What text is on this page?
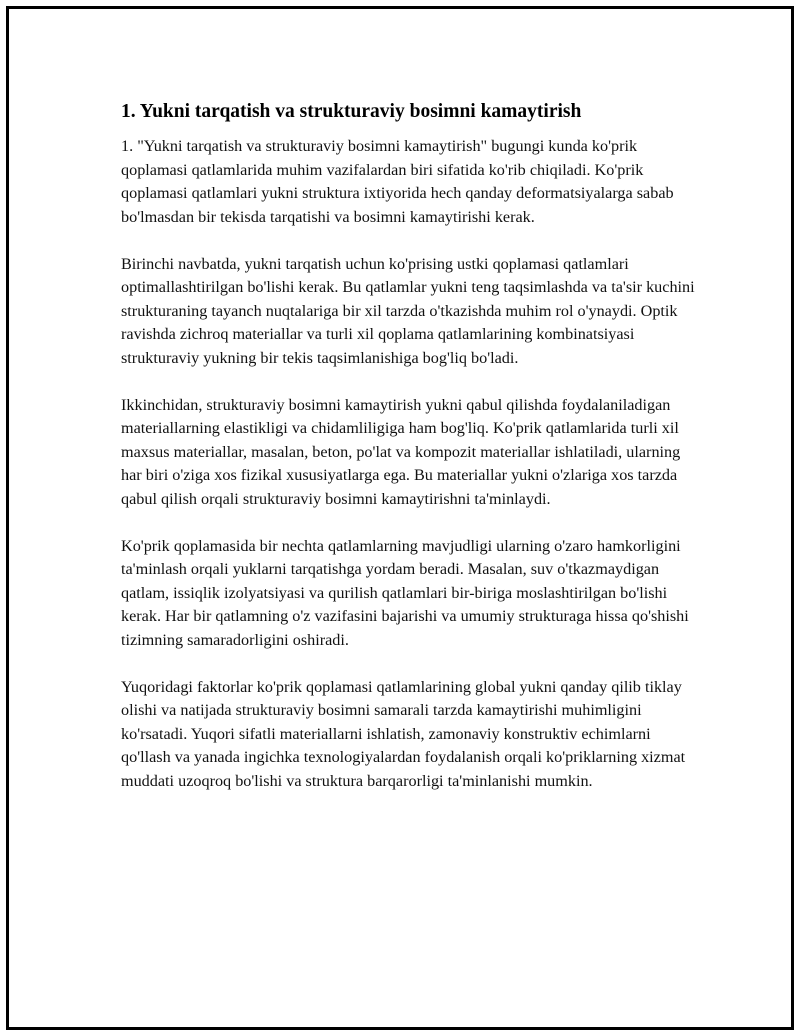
1. Yukni tarqatish va strukturaviy bosimni kamaytirish

1. "Yukni tarqatish va strukturaviy bosimni kamaytirish" bugungi kunda ko'prik qoplamasi qatlamlarida muhim vazifalardan biri sifatida ko'rib chiqiladi. Ko'prik qoplamasi qatlamlari yukni struktura ixtiyorida hech qanday deformatsiyalarga sabab bo'lmasdan bir tekisda tarqatishi va bosimni kamaytirishi kerak.

Birinchi navbatda, yukni tarqatish uchun ko'prising ustki qoplamasi qatlamlari optimallashtirilgan bo'lishi kerak. Bu qatlamlar yukni teng taqsimlashda va ta'sir kuchini strukturaning tayanch nuqtalariga bir xil tarzda o'tkazishda muhim rol o'ynaydi. Optik ravishda zichroq materiallar va turli xil qoplama qatlamlarining kombinatsiyasi strukturaviy yukning bir tekis taqsimlanishiga bog'liq bo'ladi.

Ikkinchidan, strukturaviy bosimni kamaytirish yukni qabul qilishda foydalaniladigan materiallarning elastikligi va chidamliligiga ham bog'liq. Ko'prik qatlamlarida turli xil maxsus materiallar, masalan, beton, po'lat va kompozit materiallar ishlatiladi, ularning har biri o'ziga xos fizikal xususiyatlarga ega. Bu materiallar yukni o'zlariga xos tarzda qabul qilish orqali strukturaviy bosimni kamaytirishni ta'minlaydi.

Ko'prik qoplamasida bir nechta qatlamlarning mavjudligi ularning o'zaro hamkorligini ta'minlash orqali yuklarni tarqatishga yordam beradi. Masalan, suv o'tkazmaydigan qatlam, issiqlik izolyatsiyasi va qurilish qatlamlari bir-biriga moslashtirilgan bo'lishi kerak. Har bir qatlamning o'z vazifasini bajarishi va umumiy strukturaga hissa qo'shishi tizimning samaradorligini oshiradi.

Yuqoridagi faktorlar ko'prik qoplamasi qatlamlarining global yukni qanday qilib tiklay olishi va natijada strukturaviy bosimni samarali tarzda kamaytirishi muhimligini ko'rsatadi. Yuqori sifatli materiallarni ishlatish, zamonaviy konstruktiv echimlarni qo'llash va yanada ingichka texnologiyalardan foydalanish orqali ko'priklarning xizmat muddati uzoqroq bo'lishi va struktura barqarorligi ta'minlanishi mumkin.
